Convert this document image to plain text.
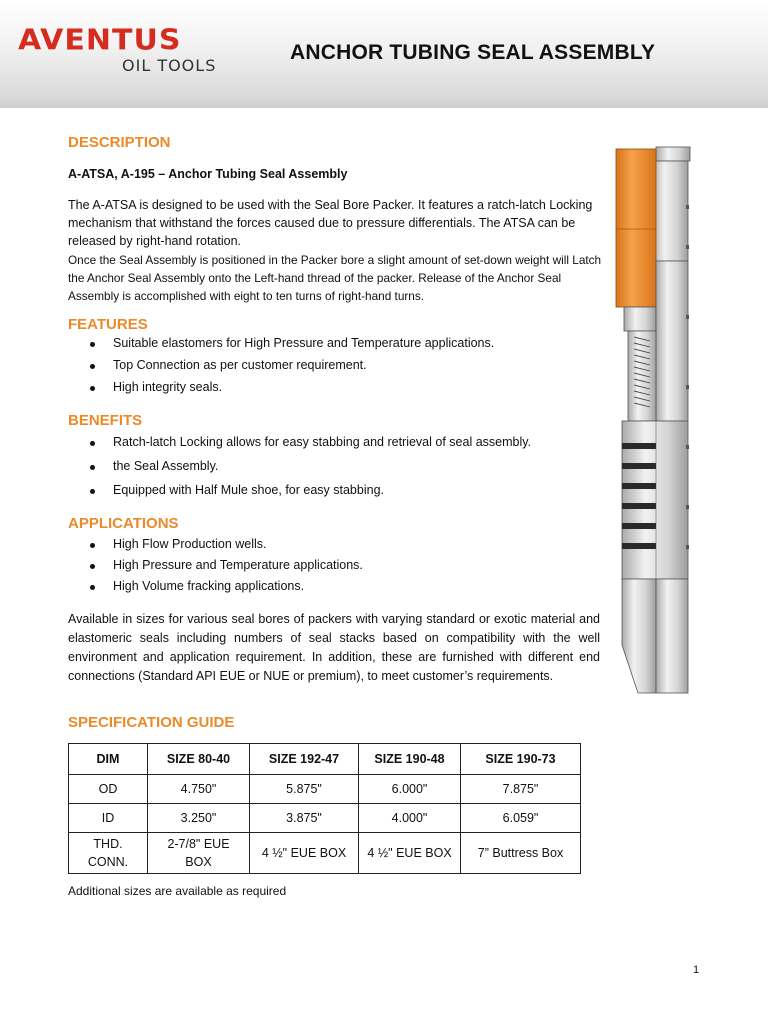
AVENTUS
OIL TOOLS
ANCHOR TUBING SEAL ASSEMBLY
DESCRIPTION
A-ATSA, A-195 – Anchor Tubing Seal Assembly
The A-ATSA is designed to be used with the Seal Bore Packer. It features a ratch-latch Locking mechanism that withstand the forces caused due to pressure differentials. The ATSA can be released by right-hand rotation.
Once the Seal Assembly is positioned in the Packer bore a slight amount of set-down weight will Latch the Anchor Seal Assembly onto the Left-hand thread of the packer. Release of the Anchor Seal Assembly is accomplished with eight to ten turns of right-hand turns.
FEATURES
Suitable elastomers for High Pressure and Temperature applications.
Top Connection as per customer requirement.
High integrity seals.
BENEFITS
Ratch-latch Locking allows for easy stabbing and retrieval of seal assembly.
the Seal Assembly.
Equipped with Half Mule shoe, for easy stabbing.
APPLICATIONS
High Flow Production wells.
High Pressure and Temperature applications.
High Volume fracking applications.
Available in sizes for various seal bores of packers with varying standard or exotic material and elastomeric seals including numbers of seal stacks based on compatibility with the well environment and application requirement. In addition, these are furnished with different end connections (Standard API EUE or NUE or premium), to meet customer’s requirements.
SPECIFICATION GUIDE
DIM	SIZE 80-40	SIZE 192-47	SIZE 190-48	SIZE 190-73
OD	4.750"	5.875"	6.000"	7.875"
ID	3.250"	3.875"	4.000"	6.059"
THD. CONN.	2-7/8" EUE BOX	4 ½" EUE BOX	4 ½" EUE BOX	7” Buttress Box
Additional sizes are available as required
1
